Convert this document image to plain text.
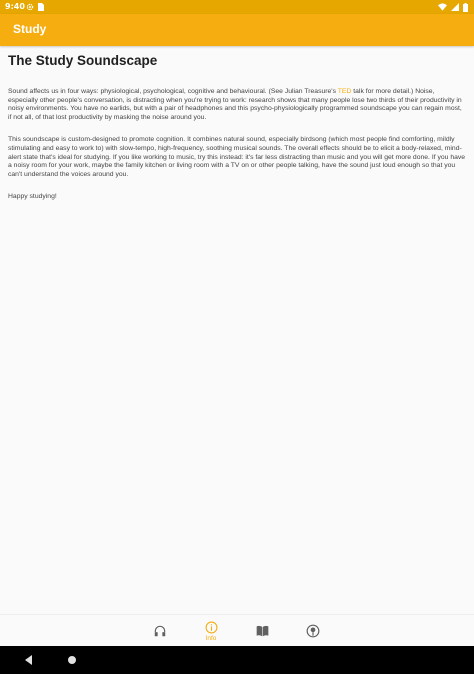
9:40
Study
The Study Soundscape

Sound affects us in four ways: physiological, psychological, cognitive and behavioural. (See Julian Treasure's TED talk for more detail.) Noise, especially other people's conversation, is distracting when you're trying to work: research shows that many people lose two thirds of their productivity in noisy environments. You have no earlids, but with a pair of headphones and this psycho-physiologically programmed soundscape you can regain most, if not all, of that lost productivity by masking the noise around you.

This soundscape is custom-designed to promote cognition. It combines natural sound, especially birdsong (which most people find comforting, mildly stimulating and easy to work to) with slow-tempo, high-frequency, soothing musical sounds. The overall effects should be to elicit a body-relaxed, mind-alert state that's ideal for studying. If you like working to music, try this instead: it's far less distracting than music and you will get more done. If you have a noisy room for your work, maybe the family kitchen or living room with a TV on or other people talking, have the sound just loud enough so that you can't understand the voices around you.

Happy studying!

Info
